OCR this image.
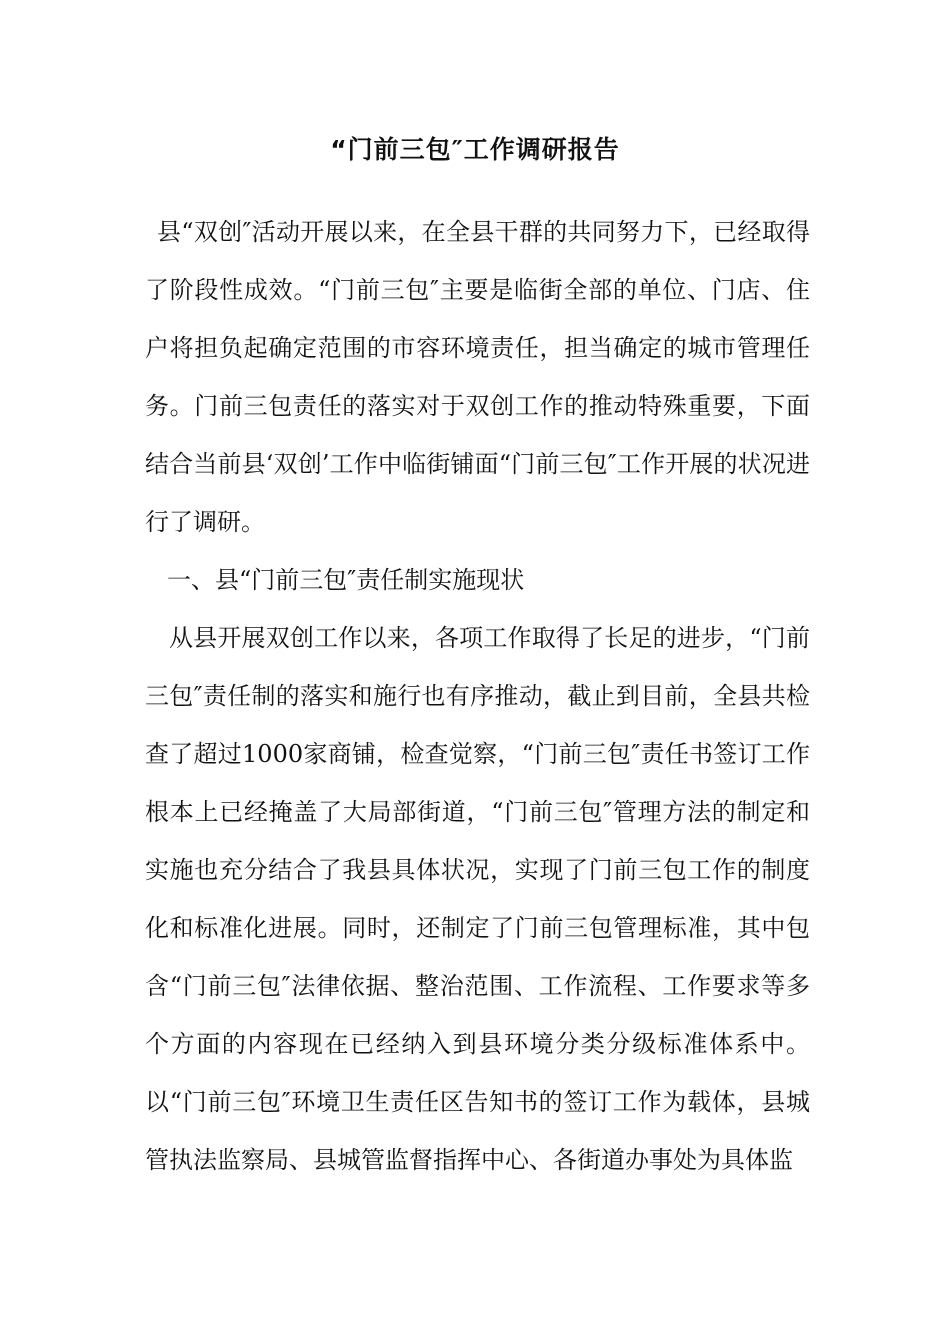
“门前三包″工作调研报告

县“双创″活动开展以来，在全县干群的共同努力下，已经取得了阶段性成效。“门前三包″主要是临街全部的单位、门店、住户将担负起确定范围的市容环境责任，担当确定的城市管理任务。门前三包责任的落实对于双创工作的推动特殊重要，下面结合当前县‘双创’工作中临街铺面“门前三包″工作开展的状况进行了调研。

一、县“门前三包″责任制实施现状

从县开展双创工作以来，各项工作取得了长足的进步，“门前三包″责任制的落实和施行也有序推动，截止到目前，全县共检查了超过1000家商铺，检查觉察，“门前三包″责任书签订工作根本上已经掩盖了大局部街道，“门前三包″管理方法的制定和实施也充分结合了我县具体状况，实现了门前三包工作的制度化和标准化进展。同时，还制定了门前三包管理标准，其中包含“门前三包″法律依据、整治范围、工作流程、工作要求等多个方面的内容现在已经纳入到县环境分类分级标准体系中。以“门前三包″环境卫生责任区告知书的签订工作为载体，县城管执法监察局、县城管监督指挥中心、各街道办事处为具体监
